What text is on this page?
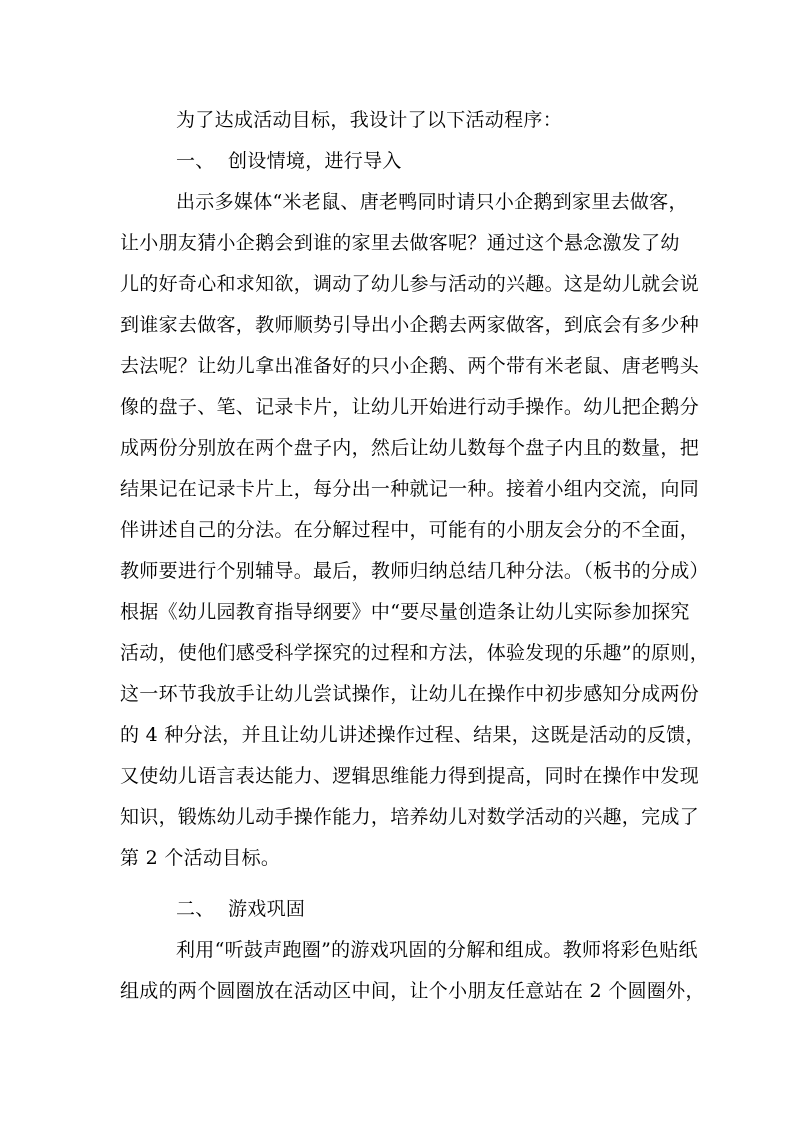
为了达成活动目标，我设计了以下活动程序：
一、 创设情境，进行导入
出示多媒体“米老鼠、唐老鸭同时请只小企鹅到家里去做客，
让小朋友猜小企鹅会到谁的家里去做客呢？通过这个悬念激发了幼
儿的好奇心和求知欲，调动了幼儿参与活动的兴趣。这是幼儿就会说
到谁家去做客，教师顺势引导出小企鹅去两家做客，到底会有多少种
去法呢？让幼儿拿出准备好的只小企鹅、两个带有米老鼠、唐老鸭头
像的盘子、笔、记录卡片，让幼儿开始进行动手操作。幼儿把企鹅分
成两份分别放在两个盘子内，然后让幼儿数每个盘子内且的数量，把
结果记在记录卡片上，每分出一种就记一种。接着小组内交流，向同
伴讲述自己的分法。在分解过程中，可能有的小朋友会分的不全面，
教师要进行个别辅导。最后，教师归纳总结几种分法。（板书的分成）
根据《幼儿园教育指导纲要》中“要尽量创造条让幼儿实际参加探究
活动，使他们感受科学探究的过程和方法，体验发现的乐趣”的原则，
这一环节我放手让幼儿尝试操作，让幼儿在操作中初步感知分成两份
的 4 种分法，并且让幼儿讲述操作过程、结果，这既是活动的反馈，
又使幼儿语言表达能力、逻辑思维能力得到提高，同时在操作中发现
知识，锻炼幼儿动手操作能力，培养幼儿对数学活动的兴趣，完成了
第 2 个活动目标。
二、 游戏巩固
利用“听鼓声跑圈”的游戏巩固的分解和组成。教师将彩色贴纸
组成的两个圆圈放在活动区中间，让个小朋友任意站在 2 个圆圈外，
